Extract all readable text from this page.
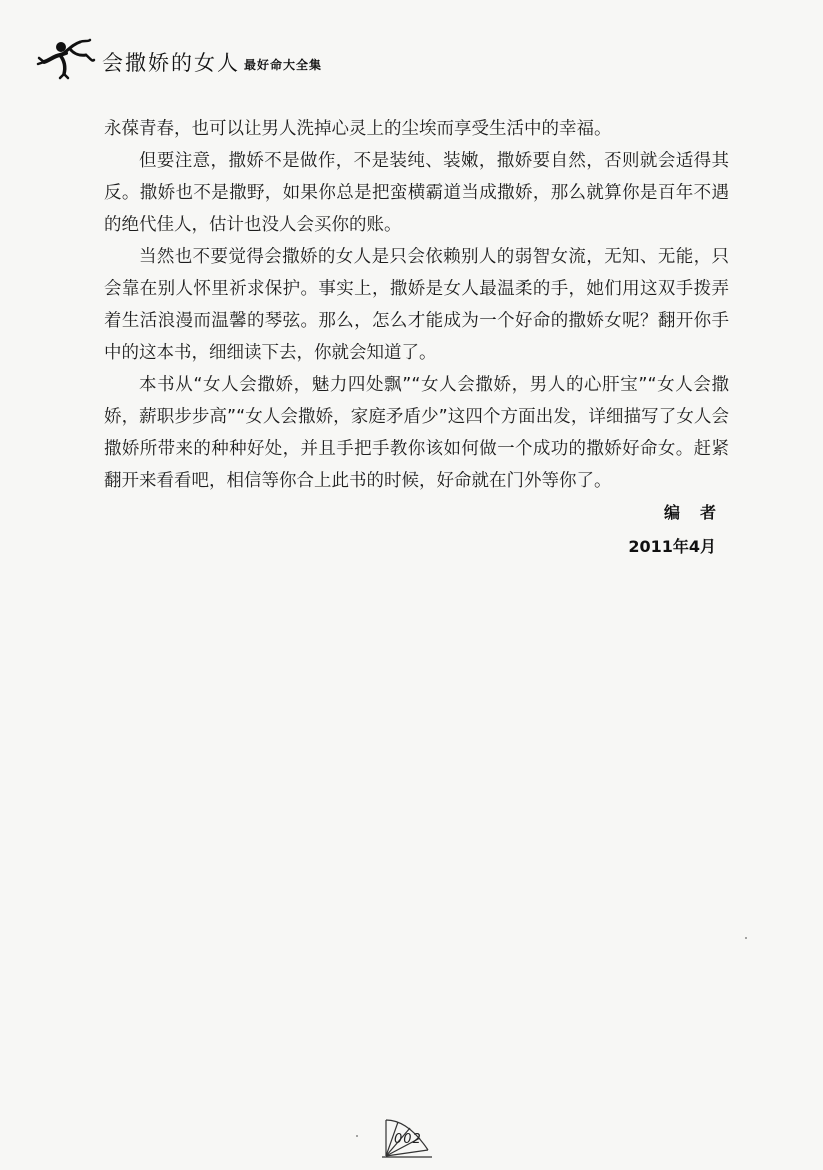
会撒娇的女人 最好命大全集

永葆青春，也可以让男人洗掉心灵上的尘埃而享受生活中的幸福。

但要注意，撒娇不是做作，不是装纯、装嫩，撒娇要自然，否则就会适得其反。撒娇也不是撒野，如果你总是把蛮横霸道当成撒娇，那么就算你是百年不遇的绝代佳人，估计也没人会买你的账。

当然也不要觉得会撒娇的女人是只会依赖别人的弱智女流，无知、无能，只会靠在别人怀里祈求保护。事实上，撒娇是女人最温柔的手，她们用这双手拨弄着生活浪漫而温馨的琴弦。那么，怎么才能成为一个好命的撒娇女呢？翻开你手中的这本书，细细读下去，你就会知道了。

本书从“女人会撒娇，魅力四处飘”“女人会撒娇，男人的心肝宝”“女人会撒娇，薪职步步高”“女人会撒娇，家庭矛盾少”这四个方面出发，详细描写了女人会撒娇所带来的种种好处，并且手把手教你该如何做一个成功的撒娇好命女。赶紧翻开来看看吧，相信等你合上此书的时候，好命就在门外等你了。

编者
2011年4月
002
